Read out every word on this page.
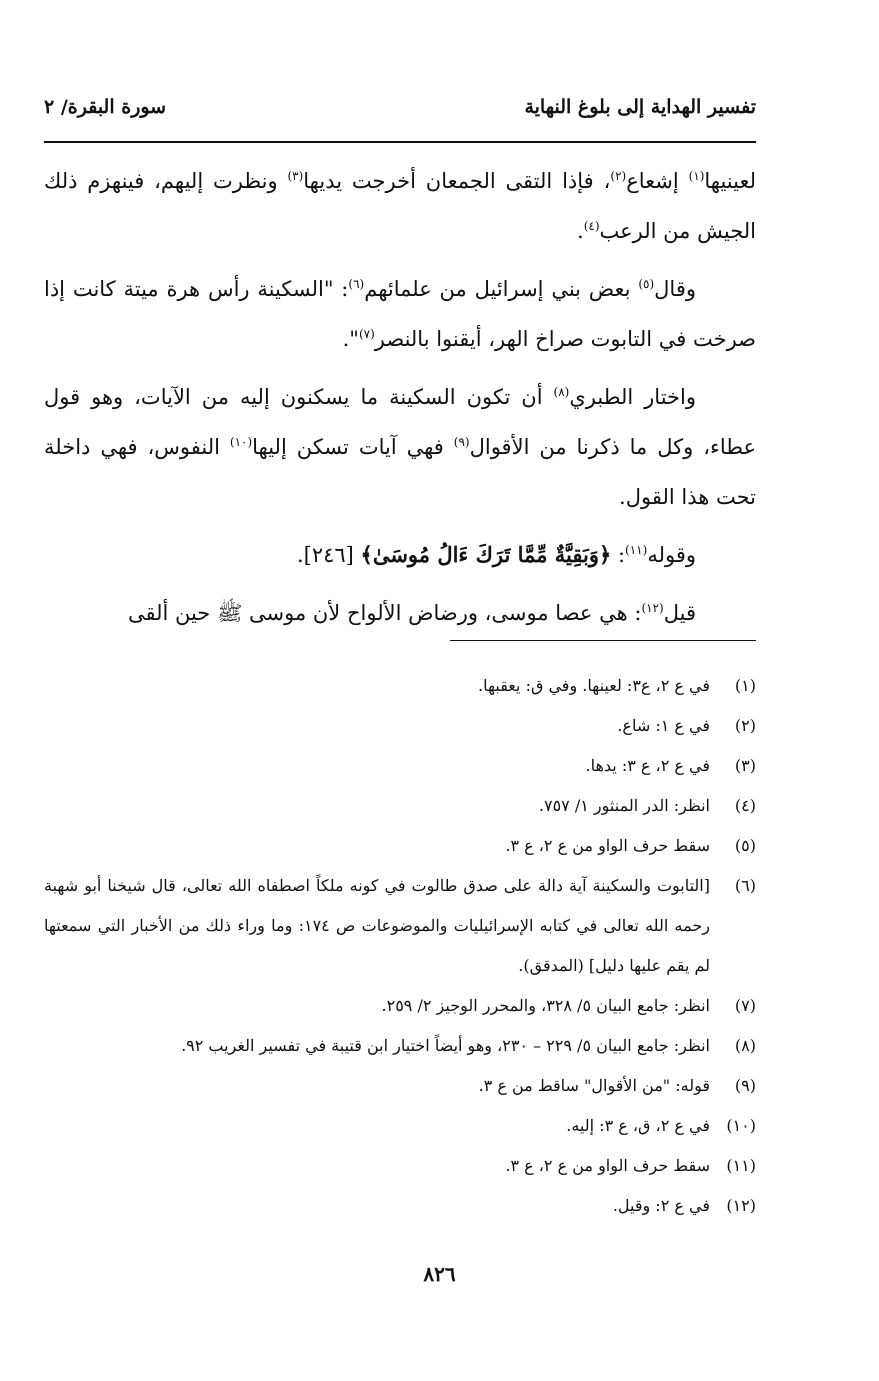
تفسير الهداية إلى بلوغ النهاية
سورة البقرة/ ٢

لعينيها$^{(١)}$ إشعاع$^{(٢)}$، فإذا التقى الجمعان أخرجت يديها$^{(٣)}$ ونظرت إليهم، فينهزم ذلك الجيش من الرعب$^{(٤)}$.

وقال$^{(٥)}$ بعض بني إسرائيل من علمائهم$^{(٦)}$: "السكينة رأس هرة ميتة كانت إذا صرخت في التابوت صراخ الهر، أيقنوا بالنصر$^{(٧)}$".

واختار الطبري$^{(٨)}$ أن تكون السكينة ما يسكنون إليه من الآيات، وهو قول عطاء، وكل ما ذكرنا من الأقوال$^{(٩)}$ فهي آيات تسكن إليها$^{(١٠)}$ النفوس، فهي داخلة تحت هذا القول.

وقوله$^{(١١)}$: ﴿وَبَقِيَّةٌ مِّمَّا تَرَكَ ءَالُ مُوسَىٰ﴾ [٢٤٦].

قيل$^{(١٢)}$: هي عصا موسى، ورضاض الألواح لأن موسى ﷺ حين ألقى

(١)
في ع ٢، ع٣: لعينها. وفي ق: يعقبها.
(٢)
في ع ١: شاع.
(٣)
في ع ٢، ع ٣: يدها.
(٤)
انظر: الدر المنثور ١/ ٧٥٧.
(٥)
سقط حرف الواو من ع ٢، ع ٣.
(٦)
[التابوت والسكينة آية دالة على صدق طالوت في كونه ملكاً اصطفاه الله تعالى، قال شيخنا أبو شهبة رحمه الله تعالى في كتابه الإسرائيليات والموضوعات ص ١٧٤: وما وراء ذلك من الأخبار التي سمعتها لم يقم عليها دليل] (المدقق).
(٧)
انظر: جامع البيان ٥/ ٣٢٨، والمحرر الوجيز ٢/ ٢٥٩.
(٨)
انظر: جامع البيان ٥/ ٢٢٩ – ٢٣٠، وهو أيضاً اختيار ابن قتيبة في تفسير الغريب ٩٢.
(٩)
قوله: "من الأقوال" ساقط من ع ٣.
(١٠)
في ع ٢، ق، ع ٣: إليه.
(١١)
سقط حرف الواو من ع ٢، ع ٣.
(١٢)
في ع ٢: وقيل.
٨٢٦
